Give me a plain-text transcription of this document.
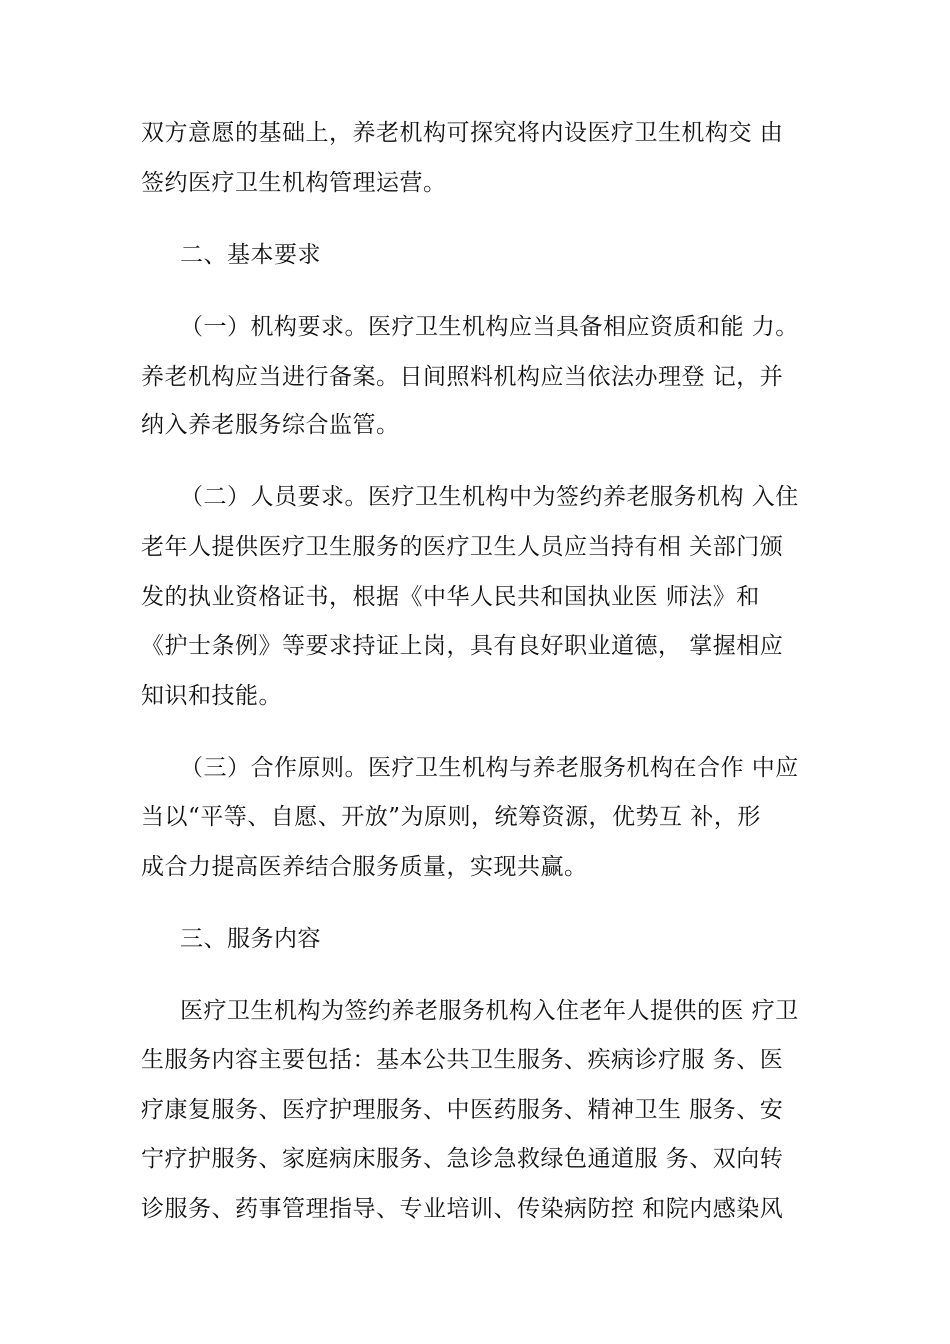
双方意愿的基础上，养老机构可探究将内设医疗卫生机构交 由
签约医疗卫生机构管理运营。
二、基本要求
（一）机构要求。医疗卫生机构应当具备相应资质和能 力。
养老机构应当进行备案。日间照料机构应当依法办理登 记，并
纳入养老服务综合监管。
（二）人员要求。医疗卫生机构中为签约养老服务机构 入住
老年人提供医疗卫生服务的医疗卫生人员应当持有相 关部门颁
发的执业资格证书，根据《中华人民共和国执业医 师法》和
《护士条例》等要求持证上岗，具有良好职业道德， 掌握相应
知识和技能。
（三）合作原则。医疗卫生机构与养老服务机构在合作 中应
当以“平等、自愿、开放”为原则，统筹资源，优势互 补，形
成合力提高医养结合服务质量，实现共赢。
三、服务内容
医疗卫生机构为签约养老服务机构入住老年人提供的医 疗卫
生服务内容主要包括：基本公共卫生服务、疾病诊疗服 务、医
疗康复服务、医疗护理服务、中医药服务、精神卫生 服务、安
宁疗护服务、家庭病床服务、急诊急救绿色通道服 务、双向转
诊服务、药事管理指导、专业培训、传染病防控 和院内感染风
